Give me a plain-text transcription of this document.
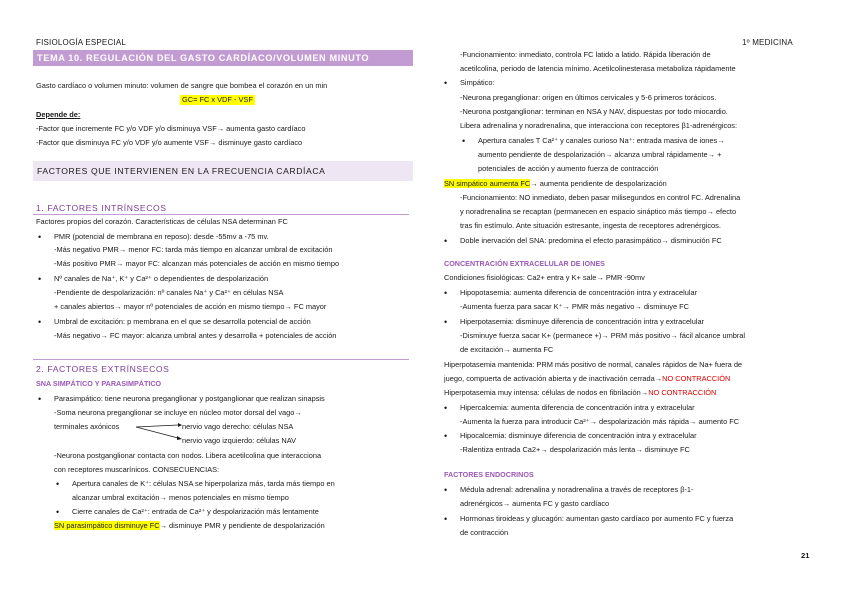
FISIOLOGÍA ESPECIAL	1º MEDICINA
TEMA 10. REGULACIÓN DEL GASTO CARDÍACO/VOLUMEN MINUTO
Gasto cardíaco o volumen minuto: volumen de sangre que bombea el corazón en un min
GC= FC x VDF - VSF
Depende de:
-Factor que incremente FC y/o VDF y/o disminuya VSF→ aumenta gasto cardíaco
-Factor que disminuya FC y/o VDF y/o aumente VSF→ disminuye gasto cardíaco
FACTORES QUE INTERVIENEN EN LA FRECUENCIA CARDÍACA
1. FACTORES INTRÍNSECOS
Factores propios del corazón. Características de células NSA determinan FC
• PMR (potencial de membrana en reposo): desde -55mv a -75 mv.
-Más negativo PMR→ menor FC: tarda más tiempo en alcanzar umbral de excitación
-Más positivo PMR→ mayor FC: alcanzan más potenciales de acción en mismo tiempo
• Nº canales de Na⁺, K⁺ y Ca²⁺ o dependientes de despolarización
-Pendiente de despolarización: nº canales Na⁺ y Ca²⁺ en células NSA
+ canales abiertos→ mayor nº potenciales de acción en mismo tiempo→ FC mayor
• Umbral de excitación: p membrana en el que se desarrolla potencial de acción
-Más negativo→ FC mayor: alcanza umbral antes y desarrolla + potenciales de acción
2. FACTORES EXTRÍNSECOS
SNA SIMPÁTICO Y PARASIMPÁTICO
• Parasimpático: tiene neurona preganglionar y postganglionar que realizan sinapsis
-Soma neurona preganglionar se incluye en núcleo motor dorsal del vago→
terminales axónicos	nervio vago derecho: células NSA
nervio vago izquierdo: células NAV
-Neurona postganglionar contacta con nodos. Libera acetilcolina que interacciona
con receptores muscarínicos. CONSECUENCIAS:
• Apertura canales de K⁺: células NSA se hiperpolariza más, tarda más tiempo en
alcanzar umbral excitación→ menos potenciales en mismo tiempo
• Cierre canales de Ca²⁺: entrada de Ca²⁺ y despolarización más lentamente
SN parasimpático disminuye FC→ disminuye PMR y pendiente de despolarización
-Funcionamiento: inmediato, controla FC latido a latido. Rápida liberación de
acetilcolina, periodo de latencia mínimo. Acetilcolinesterasa metaboliza rápidamente
• Simpático:
-Neurona preganglionar: origen en últimos cervicales y 5-6 primeros torácicos.
-Neurona postganglionar: terminan en NSA y NAV, dispuestas por todo miocardio.
Libera adrenalina y noradrenalina, que interacciona con receptores β1-adrenérgicos:
• Apertura canales T Ca²⁺ y canales curioso Na⁺: entrada masiva de iones→
aumento pendiente de despolarización→ alcanza umbral rápidamente→ +
potenciales de acción y aumento fuerza de contracción
SN simpático aumenta FC→ aumenta pendiente de despolarización
-Funcionamiento: NO inmediato, deben pasar milisegundos en control FC. Adrenalina
y noradrenalina se recaptan (permanecen en espacio sináptico más tiempo→ efecto
tras fin estímulo. Ante situación estresante, ingesta de receptores adrenérgicos.
• Doble inervación del SNA: predomina el efecto parasimpático→ disminución FC
CONCENTRACIÓN EXTRACELULAR DE IONES
Condiciones fisiológicas: Ca2+ entra y K+ sale→ PMR -90mv
• Hipopotasemia: aumenta diferencia de concentración intra y extracelular
-Aumenta fuerza para sacar K⁺→ PMR más negativo→ disminuye FC
• Hiperpotasemia: disminuye diferencia de concentración intra y extracelular
-Disminuye fuerza sacar K+ (permanece +)→ PRM más positivo→ fácil alcance umbral
de excitación→ aumenta FC
Hiperpotasemia mantenida: PRM más positivo de normal, canales rápidos de Na+ fuera de
juego, compuerta de activación abierta y de inactivación cerrada→NO CONTRACCIÓN
Hiperpotasemia muy intensa: células de nodos en fibrilación→NO CONTRACCIÓN
• Hipercalcemia: aumenta diferencia de concentración intra y extracelular
-Aumenta la fuerza para introducir Ca²⁺→ despolarización más rápida→ aumento FC
• Hipocalcemia: disminuye diferencia de concentración intra y extracelular
-Ralentiza entrada Ca2+→ despolarización más lenta→ disminuye FC
FACTORES ENDOCRINOS
• Médula adrenal: adrenalina y noradrenalina a través de receptores β-1-
adrenérgicos→ aumenta FC y gasto cardíaco
• Hormonas tiroideas y glucagón: aumentan gasto cardíaco por aumento FC y fuerza
de contracción
21
